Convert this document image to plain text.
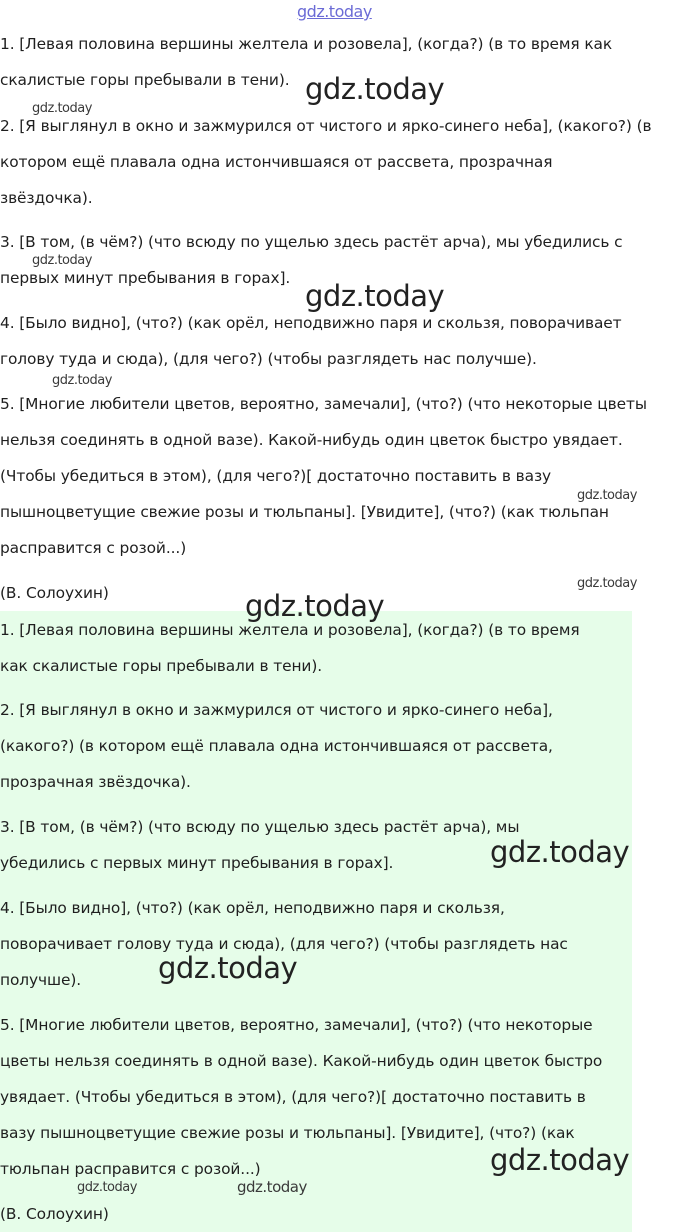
gdz.today
1. [Левая половина вершины желтела и розовела], (когда?) (в то время как
скалистые горы пребывали в тени).
2. [Я выглянул в окно и зажмурился от чистого и ярко-синего неба], (какого?) (в
котором ещё плавала одна истончившаяся от рассвета, прозрачная
звёздочка).
3. [В том, (в чём?) (что всюду по ущелью здесь растёт арча), мы убедились с
первых минут пребывания в горах].
4. [Было видно], (что?) (как орёл, неподвижно паря и скользя, поворачивает
голову туда и сюда), (для чего?) (чтобы разглядеть нас получше).
5. [Многие любители цветов, вероятно, замечали], (что?) (что некоторые цветы
нельзя соединять в одной вазе). Какой-нибудь один цветок быстро увядает.
(Чтобы убедиться в этом), (для чего?)[ достаточно поставить в вазу
пышноцветущие свежие розы и тюльпаны]. [Увидите], (что?) (как тюльпан
расправится с розой...)
(В. Солоухин)
1. [Левая половина вершины желтела и розовела], (когда?) (в то время
как скалистые горы пребывали в тени).
2. [Я выглянул в окно и зажмурился от чистого и ярко-синего неба],
(какого?) (в котором ещё плавала одна истончившаяся от рассвета,
прозрачная звёздочка).
3. [В том, (в чём?) (что всюду по ущелью здесь растёт арча), мы
убедились с первых минут пребывания в горах].
4. [Было видно], (что?) (как орёл, неподвижно паря и скользя,
поворачивает голову туда и сюда), (для чего?) (чтобы разглядеть нас
получше).
5. [Многие любители цветов, вероятно, замечали], (что?) (что некоторые
цветы нельзя соединять в одной вазе). Какой-нибудь один цветок быстро
увядает. (Чтобы убедиться в этом), (для чего?)[ достаточно поставить в
вазу пышноцветущие свежие розы и тюльпаны]. [Увидите], (что?) (как
тюльпан расправится с розой...)
(В. Солоухин)
gdz.today
gdz.today
gdz.today
gdz.today
gdz.today
gdz.today
gdz.today
gdz.today
gdz.today
gdz.today
gdz.today
gdz.today	gdz.today
